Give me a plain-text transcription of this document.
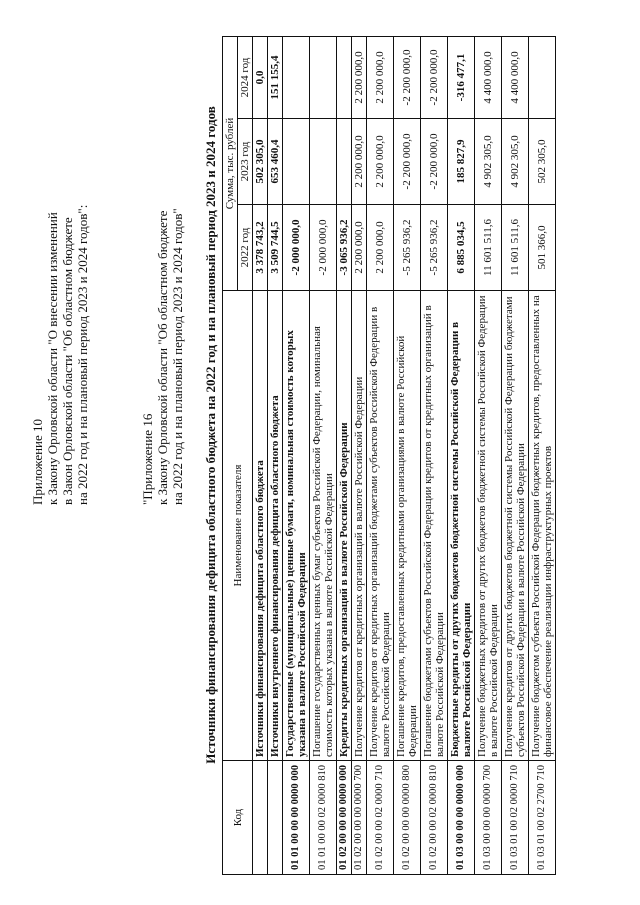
Приложение 10 к Закону Орловской области "О внесении изменений в Закон Орловской области "Об областном бюджете на 2022 год и на плановый период 2023 и 2024 годов":	"Приложение 16 к Закону Орловской области "Об областном бюджете на 2022 год и на плановый период 2023 и 2024 годов" Источники финансирования дефицита областного бюджета на 2022 год и на плановый период 2023 и 2024 годов
Код	Наименование показателя	Сумма, тыс. рублей		
		2022 год	2023 год	2024 год
	Источники финансирования дефицита областного бюджета	3 378 743,2	502 305,0	0,0
	Источники внутреннего финансирования дефицита областного бюджета	3 509 744,5	653 460,4	151 155,4
01 01 00 00 00 0000 000	Государственные (муниципальные) ценные бумаги, номинальная стоимость которых указана в валюте Российской Федерации	-2 000 000,0		
01 01 00 00 02 0000 810	Погашение государственных ценных бумаг субъектов Российской Федерации, номинальная стоимость которых указана в валюте Российской Федерации	-2 000 000,0		
01 02 00 00 00 0000 000	Кредиты кредитных организаций в валюте Российской Федерации	-3 065 936,2		
01 02 00 00 00 0000 700	Получение кредитов от кредитных организаций в валюте Российской Федерации	2 200 000,0	2 200 000,0	2 200 000,0
01 02 00 00 02 0000 710	Получение кредитов от кредитных организаций бюджетами субъектов Российской Федерации в валюте Российской Федерации	2 200 000,0	2 200 000,0	2 200 000,0
01 02 00 00 00 0000 800	Погашение кредитов, предоставленных кредитными организациями в валюте Российской Федерации	-5 265 936,2	-2 200 000,0	-2 200 000,0
01 02 00 00 02 0000 810	Погашение бюджетами субъектов Российской Федерации кредитов от кредитных организаций в валюте Российской Федерации	-5 265 936,2	-2 200 000,0	-2 200 000,0
01 03 00 00 00 0000 000	Бюджетные кредиты от других бюджетов бюджетной системы Российской Федерации в валюте Российской Федерации	6 885 034,5	185 827,9	-316 477,1
01 03 00 00 00 0000 700	Получение бюджетных кредитов от других бюджетов бюджетной системы Российской Федерации в валюте Российской Федерации	11 601 511,6	4 902 305,0	4 400 000,0
01 03 01 00 02 0000 710	Получение кредитов от других бюджетов бюджетной системы Российской Федерации бюджетами субъектов Российской Федерации в валюте Российской Федерации	11 601 511,6	4 902 305,0	4 400 000,0
01 03 01 00 02 2700 710	Получение бюджетом субъекта Российской Федерации бюджетных кредитов, предоставленных на финансовое обеспечение реализации инфраструктурных проектов	501 366,0	502 305,0	
